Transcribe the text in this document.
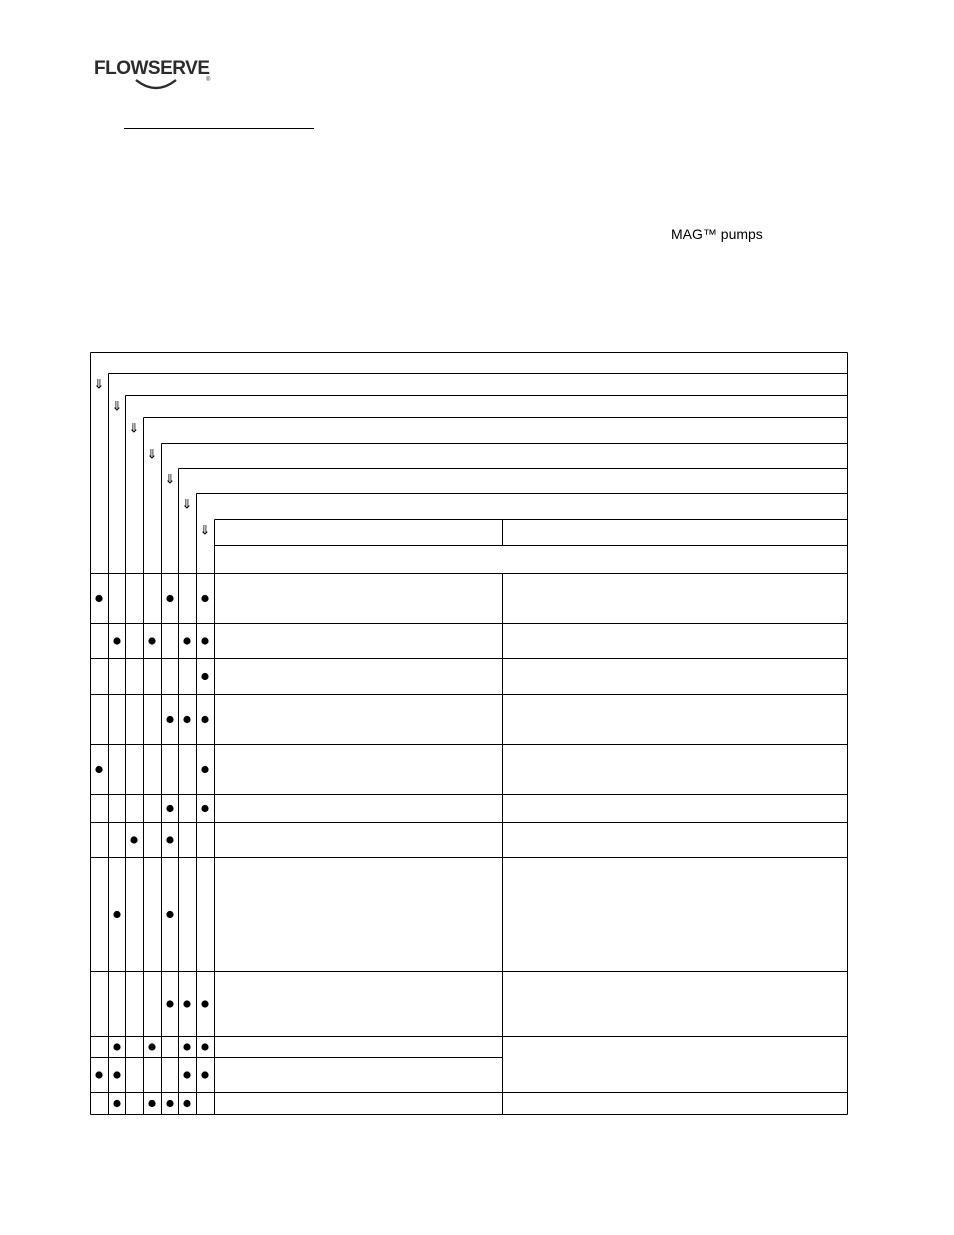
FLOWSERVE
®
MAG™ pumps
⇓
⇓
⇓
⇓
⇓
⇓
⇓
